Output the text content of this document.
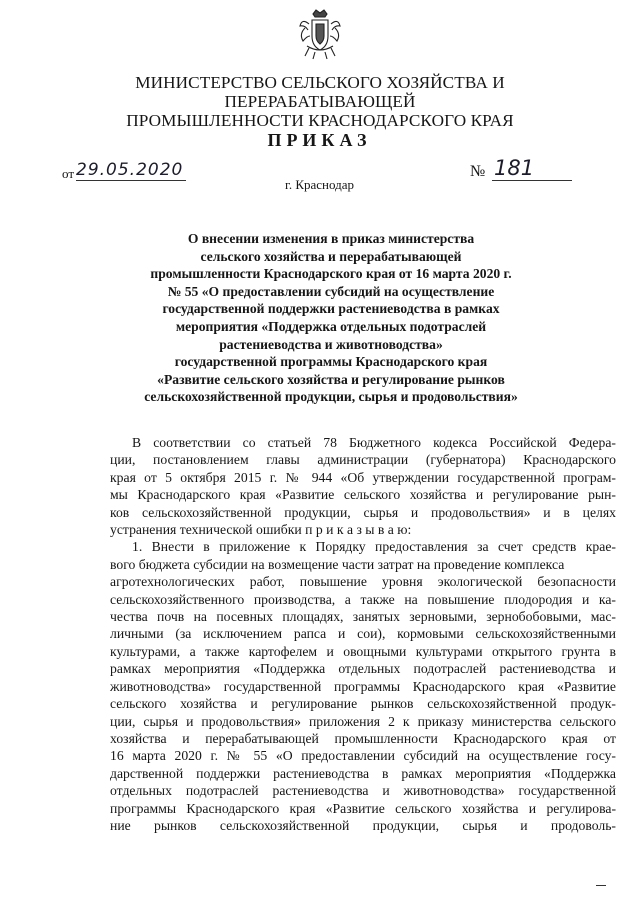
МИНИСТЕРСТВО СЕЛЬСКОГО ХОЗЯЙСТВА И ПЕРЕРАБАТЫВАЮЩЕЙ
ПРОМЫШЛЕННОСТИ КРАСНОДАРСКОГО КРАЯ
ПРИКАЗ
от 29.05.2020	№ 181
г. Краснодар
О внесении изменения в приказ министерства
сельского хозяйства и перерабатывающей
промышленности Краснодарского края от 16 марта 2020 г.
№ 55 «О предоставлении субсидий на осуществление
государственной поддержки растениеводства в рамках
мероприятия «Поддержка отдельных подотраслей
растениеводства и животноводства»
государственной программы Краснодарского края
«Развитие сельского хозяйства и регулирование рынков
сельскохозяйственной продукции, сырья и продовольствия»
В соответствии со статьей 78 Бюджетного кодекса Российской Федера-
ции, постановлением главы администрации (губернатора) Краснодарского
края от 5 октября 2015 г. № 944 «Об утверждении государственной програм-
мы Краснодарского края «Развитие сельского хозяйства и регулирование рын-
ков сельскохозяйственной продукции, сырья и продовольствия» и в целях
устранения технической ошибки п р и к а з ы в а ю:
1. Внести в приложение к Порядку предоставления за счет средств краe-
вого бюджета субсидии на возмещение части затрат на проведение комплекса
агротехнологических работ, повышение уровня экологической безопасности
сельскохозяйственного производства, а также на повышение плодородия и ка-
чества почв на посевных площадях, занятых зерновыми, зернобобовыми, мас-
личными (за исключением рапса и сои), кормовыми сельскохозяйственными
культурами, а также картофелем и овощными культурами открытого грунта в
рамках мероприятия «Поддержка отдельных подотраслей растениеводства и
животноводства» государственной программы Краснодарского края «Развитие
сельского хозяйства и регулирование рынков сельскохозяйственной продук-
ции, сырья и продовольствия» приложения 2 к приказу министерства сельского
хозяйства и перерабатывающей промышленности Краснодарского края от
16 марта 2020 г. № 55 «О предоставлении субсидий на осуществление госу-
дарственной поддержки растениеводства в рамках мероприятия «Поддержка
отдельных подотраслей растениеводства и животноводства» государственной
программы Краснодарского края «Развитие сельского хозяйства и регулирова-
ние рынков сельскохозяйственной продукции, сырья и продоволь-
